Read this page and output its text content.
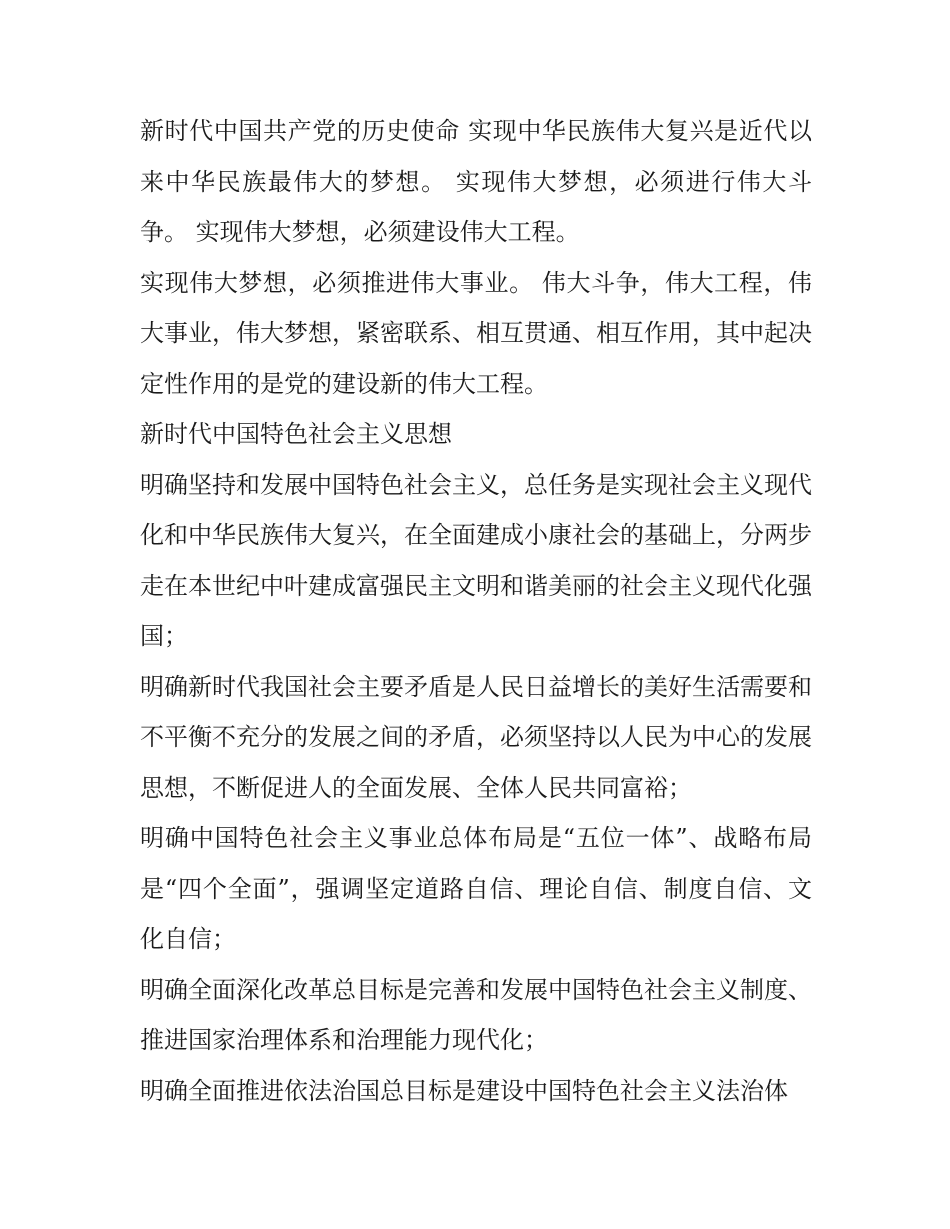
新时代中国共产党的历史使命 实现中华民族伟大复兴是近代以来中华民族最伟大的梦想。 实现伟大梦想，必须进行伟大斗争。 实现伟大梦想，必须建设伟大工程。

实现伟大梦想，必须推进伟大事业。 伟大斗争，伟大工程，伟大事业，伟大梦想，紧密联系、相互贯通、相互作用，其中起决定性作用的是党的建设新的伟大工程。

新时代中国特色社会主义思想

明确坚持和发展中国特色社会主义，总任务是实现社会主义现代化和中华民族伟大复兴，在全面建成小康社会的基础上，分两步走在本世纪中叶建成富强民主文明和谐美丽的社会主义现代化强国；

明确新时代我国社会主要矛盾是人民日益增长的美好生活需要和不平衡不充分的发展之间的矛盾，必须坚持以人民为中心的发展思想，不断促进人的全面发展、全体人民共同富裕；

明确中国特色社会主义事业总体布局是“五位一体”、战略布局是“四个全面”，强调坚定道路自信、理论自信、制度自信、文化自信；

明确全面深化改革总目标是完善和发展中国特色社会主义制度、推进国家治理体系和治理能力现代化；

明确全面推进依法治国总目标是建设中国特色社会主义法治体
